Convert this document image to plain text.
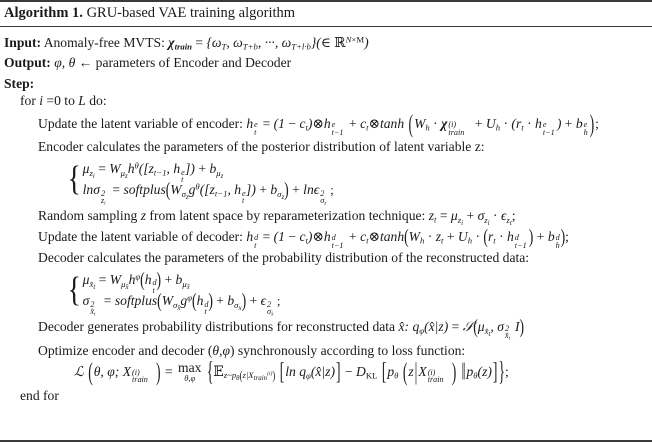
Algorithm 1. GRU-based VAE training algorithm
Input: Anomaly-free MVTS: $\chi_{train} = \{\omega_T$, $\omega_{T+b}$, ···, $\omega_{T+l\cdot b}\}(\in$ ℝ$^{N\times M}$)
Output: φ, θ ← parameters of Encoder and Decoder
Step:
for i =0 to L do:
Update the latent variable of encoder: h
t
$e = (1 - c_t)\otimes h$
t−1
$e + c_t\otimes\tanh$ ($W_h \cdot \chi$
train
$(i) + U_h \cdot (r_t \cdot h$
t−1
e ) + b
h
e );
Encoder calculates the parameters of the posterior distribution of latent variable z:
{ $\mu_{z_i} = W_{\mu_z}h^\theta([z_{t-1}$, h
t
e ]) + $b_{\mu_z}$
lnσ
$z_i$
$2 = softplus(W_{\sigma_z}g^\theta([z_{t-1}$, h
t
e ]) + $b_{\sigma_z}) + \ln\epsilon$
$\sigma_z$
2 ;
Random sampling z from latent space by reparameterization technique: $z_t = \mu_{z_i} + \sigma_{z_i} \cdot \epsilon_{z_t}$;
Update the latent variable of decoder: h
t
$d = (1 - c_t)\otimes h$
t−1
$d + c_t\otimes\tanh(W_h \cdot z_t + U_h \cdot (r_t \cdot h$
t−1
d ) + b
h
d );
Decoder calculates the parameters of the probability distribution of the reconstructed data:
{ $\mu_{x̂_t} = W_{\mu_{x̂}}h^\varphi(h$
t
d ) + $b_{\mu_{x̂}}$
σ
$x̂_t$
$2 = softplus(W_{\sigma_{x̂}}g^\varphi(h$
t
d ) + $b_{\sigma_x}) + \epsilon$
$\sigma_{x̂}$
2 ;
Decoder generates probability distributions for reconstructed data x̂: $q_\varphi(x̂|z)$ = $𝒮(\mu_{x̂_t}$, σ
$x̂_t$
2 I)
Optimize encoder and decoder (θ,φ) synchronously according to loss function:
ℒ (θ, φ; X
train
(i) ) = max
θ,φ {𝔼$_{z\sim p_\theta(z|X_{train}^{(i)})}$ [ln $q_\varphi(x̂|z)] - D_{KL}$ [$p_\theta$ (z|X
train
(i) ) $‖p_\theta(z)$]};
end for
